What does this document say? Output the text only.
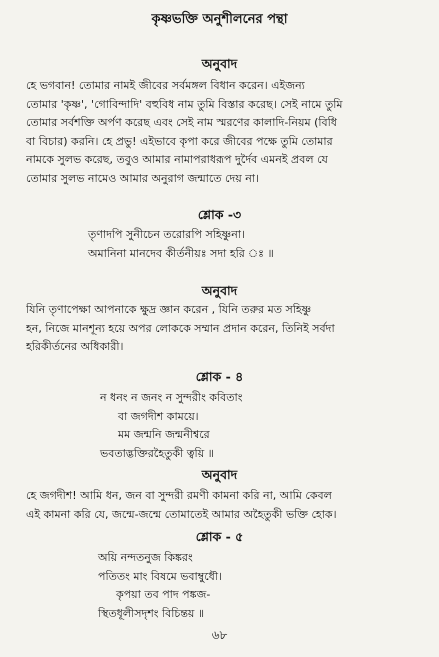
কৃষ্ণভক্তি অনুশীলনের পন্থা
অনুবাদ
হে ভগবান! তোমার নামই জীবের সর্বমঙ্গল বিধান করেন। এইজন্য
তোমার 'কৃষ্ণ', 'গোবিন্দাদি' বহুবিধ নাম তুমি বিস্তার করেছ। সেই নামে তুমি
তোমার সর্বশক্তি অর্পণ করেছ এবং সেই নাম স্মরণের কালাদি-নিয়ম (বিধি
বা বিচার) করনি। হে প্রভু! এইভাবে কৃপা করে জীবের পক্ষে তুমি তোমার
নামকে সুলভ করেছ, তবুও আমার নামাপরাধরূপ দুর্দৈব এমনই প্রবল যে
তোমার সুলভ নামেও আমার অনুরাগ জন্মাতে দেয় না।
শ্লোক -৩
তৃণাদপি সুনীচেন তরোরপি সহিষ্ণুনা।
অমানিনা মানদেব কীর্তনীয়ঃ সদা হরি ঃ ॥
অনুবাদ
যিনি তৃণাপেক্ষা আপনাকে ক্ষুদ্র জ্ঞান করেন , যিনি তরুর মত সহিষ্ণু
হন, নিজে মানশূন্য হয়ে অপর লোককে সম্মান প্রদান করেন, তিনিই সর্বদা
হরিকীর্তনের অধিকারী।
শ্লোক - ৪
ন ধনং ন জনং ন সুন্দরীং কবিতাং
বা জগদীশ কাময়ে।
মম জন্মনি জন্মনীশ্বরে
ভবতাদ্ভক্তিরহৈতুকী ত্বয়ি ॥
অনুবাদ
হে জগদীশ! আমি ধন, জন বা সুন্দরী রমণী কামনা করি না, আমি কেবল
এই কামনা করি যে, জন্মে-জন্মে তোমাতেই আমার অহৈতুকী ভক্তি হোক।
শ্লোক - ৫
অয়ি নন্দতনুজ কিঙ্করং
পতিতং মাং বিষমে ভবাম্বুধৌ।
কৃপয়া তব পাদ পঙ্কজ-
স্থিতধূলীসদৃশং বিচিন্তয় ॥
৬৮
